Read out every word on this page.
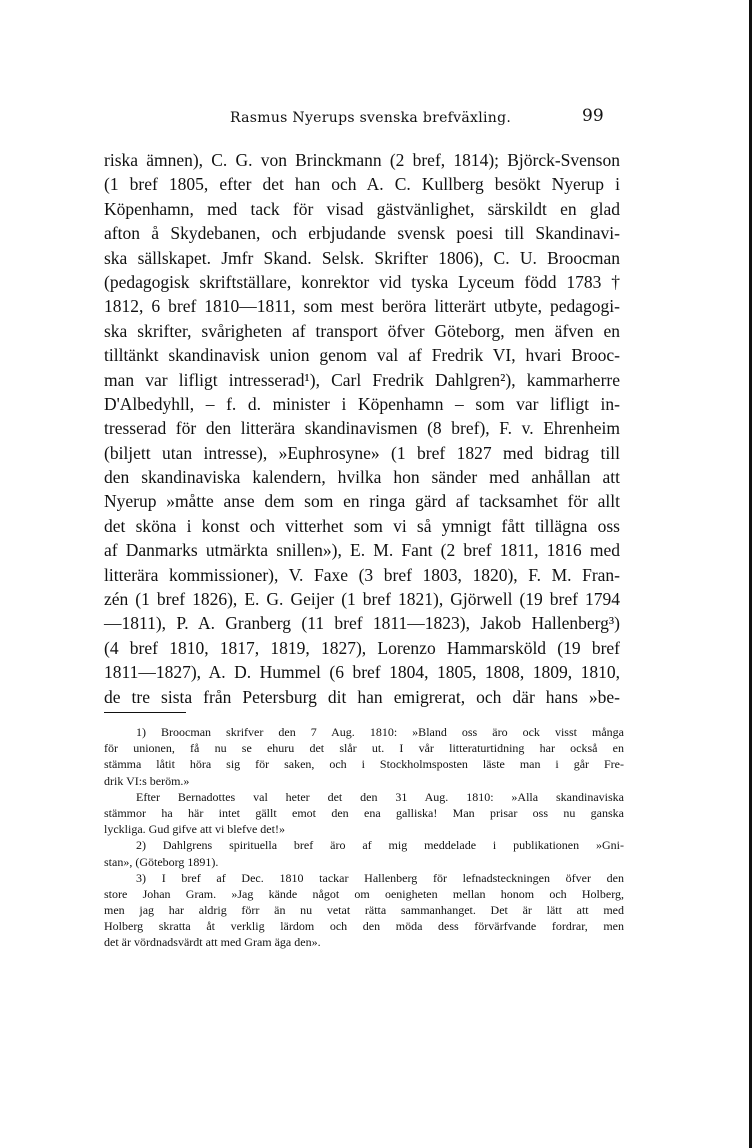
Rasmus Nyerups svenska brefväxling.	99
riska ämnen), C. G. von Brinckmann (2 bref, 1814); Björck-Svenson
(1 bref 1805, efter det han och A. C. Kullberg besökt Nyerup i
Köpenhamn, med tack för visad gästvänlighet, särskildt en glad
afton å Skydebanen, och erbjudande svensk poesi till Skandinavi-
ska sällskapet. Jmfr Skand. Selsk. Skrifter 1806), C. U. Broocman
(pedagogisk skriftställare, konrektor vid tyska Lyceum född 1783 †
1812, 6 bref 1810—1811, som mest beröra litterärt utbyte, pedagogi-
ska skrifter, svårigheten af transport öfver Göteborg, men äfven en
tilltänkt skandinavisk union genom val af Fredrik VI, hvari Brooc-
man var lifligt intresserad¹), Carl Fredrik Dahlgren²), kammarherre
D'Albedyhll, – f. d. minister i Köpenhamn – som var lifligt in-
tresserad för den litterära skandinavismen (8 bref), F. v. Ehrenheim
(biljett utan intresse), »Euphrosyne» (1 bref 1827 med bidrag till
den skandinaviska kalendern, hvilka hon sänder med anhållan att
Nyerup »måtte anse dem som en ringa gärd af tacksamhet för allt
det sköna i konst och vitterhet som vi så ymnigt fått tillägna oss
af Danmarks utmärkta snillen»), E. M. Fant (2 bref 1811, 1816 med
litterära kommissioner), V. Faxe (3 bref 1803, 1820), F. M. Fran-
zén (1 bref 1826), E. G. Geijer (1 bref 1821), Gjörwell (19 bref 1794
—1811), P. A. Granberg (11 bref 1811—1823), Jakob Hallenberg³)
(4 bref 1810, 1817, 1819, 1827), Lorenzo Hammarsköld (19 bref
1811—1827), A. D. Hummel (6 bref 1804, 1805, 1808, 1809, 1810,
de tre sista från Petersburg dit han emigrerat, och där hans »be-
1) Broocman skrifver den 7 Aug. 1810: »Bland oss äro ock visst många
för unionen, få nu se ehuru det slår ut. I vår litteraturtidning har också en
stämma låtit höra sig för saken, och i Stockholmsposten läste man i går Fre-
drik VI:s beröm.»
Efter Bernadottes val heter det den 31 Aug. 1810: »Alla skandinaviska
stämmor ha här intet gällt emot den ena galliska! Man prisar oss nu ganska
lyckliga. Gud gifve att vi blefve det!»
2) Dahlgrens spirituella bref äro af mig meddelade i publikationen »Gni-
stan», (Göteborg 1891).
3) I bref af Dec. 1810 tackar Hallenberg för lefnadsteckningen öfver den
store Johan Gram. »Jag kände något om oenigheten mellan honom och Holberg,
men jag har aldrig förr än nu vetat rätta sammanhanget. Det är lätt att med
Holberg skratta åt verklig lärdom och den möda dess förvärfvande fordrar, men
det är vördnadsvärdt att med Gram äga den».
